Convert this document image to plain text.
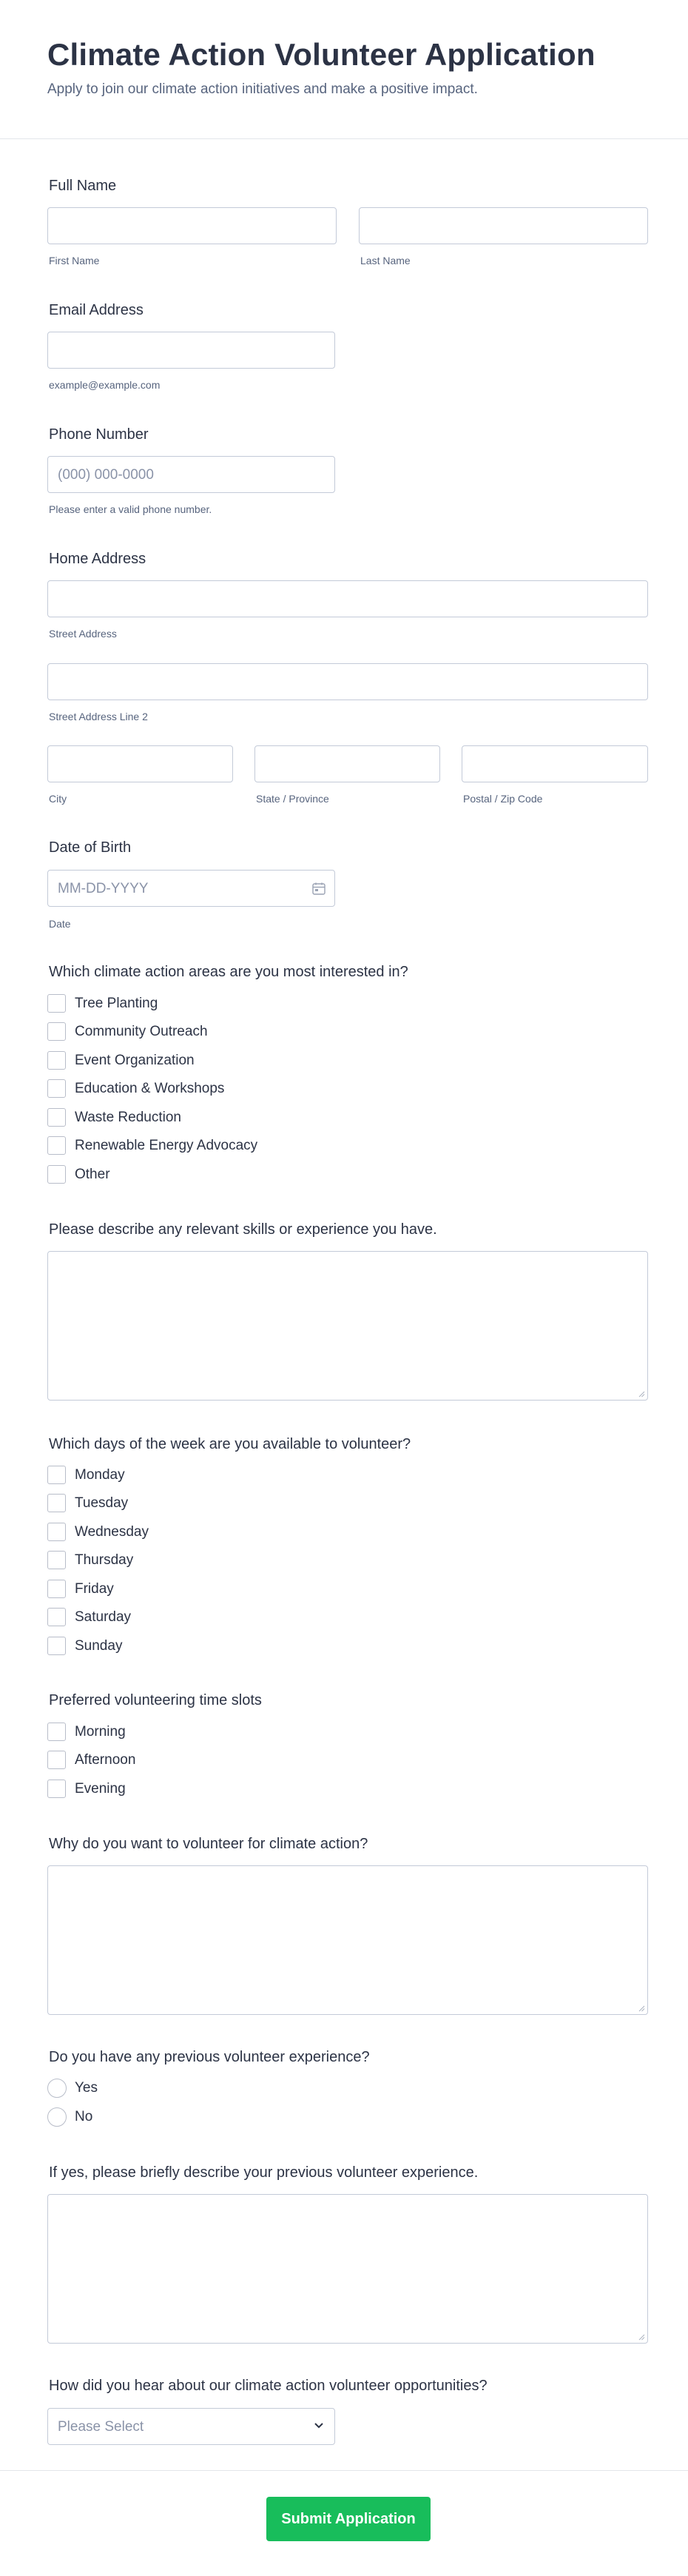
Climate Action Volunteer Application
Apply to join our climate action initiatives and make a positive impact.
Full Name
First Name	Last Name
Email Address
example@example.com
Phone Number
(000) 000-0000
Please enter a valid phone number.
Home Address
Street Address
Street Address Line 2
City	State / Province	Postal / Zip Code
Date of Birth
MM-DD-YYYY
Date
Which climate action areas are you most interested in?
Tree Planting
Community Outreach
Event Organization
Education & Workshops
Waste Reduction
Renewable Energy Advocacy
Other
Please describe any relevant skills or experience you have.
Which days of the week are you available to volunteer?
Monday
Tuesday
Wednesday
Thursday
Friday
Saturday
Sunday
Preferred volunteering time slots
Morning
Afternoon
Evening
Why do you want to volunteer for climate action?
Do you have any previous volunteer experience?
Yes
No
If yes, please briefly describe your previous volunteer experience.
How did you hear about our climate action volunteer opportunities?
Please Select
Submit Application
